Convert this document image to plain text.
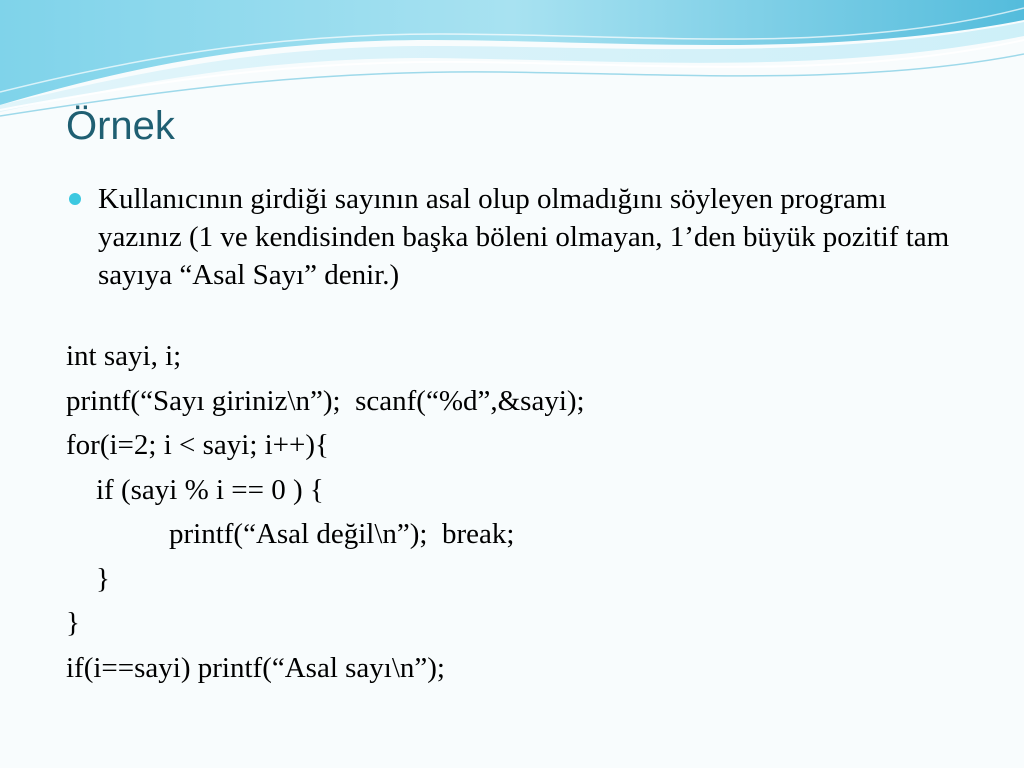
Örnek

Kullanıcının girdiği sayının asal olup olmadığını söyleyen programı yazınız (1 ve kendisinden başka böleni olmayan, 1’den büyük pozitif tam sayıya “Asal Sayı” denir.)

int sayi, i;
printf(“Sayı giriniz\n”);  scanf(“%d”,&sayi);
for(i=2; i < sayi; i++){
if (sayi % i == 0 ) {
printf(“Asal değil\n”);  break;
}
}
if(i==sayi) printf(“Asal sayı\n”);
